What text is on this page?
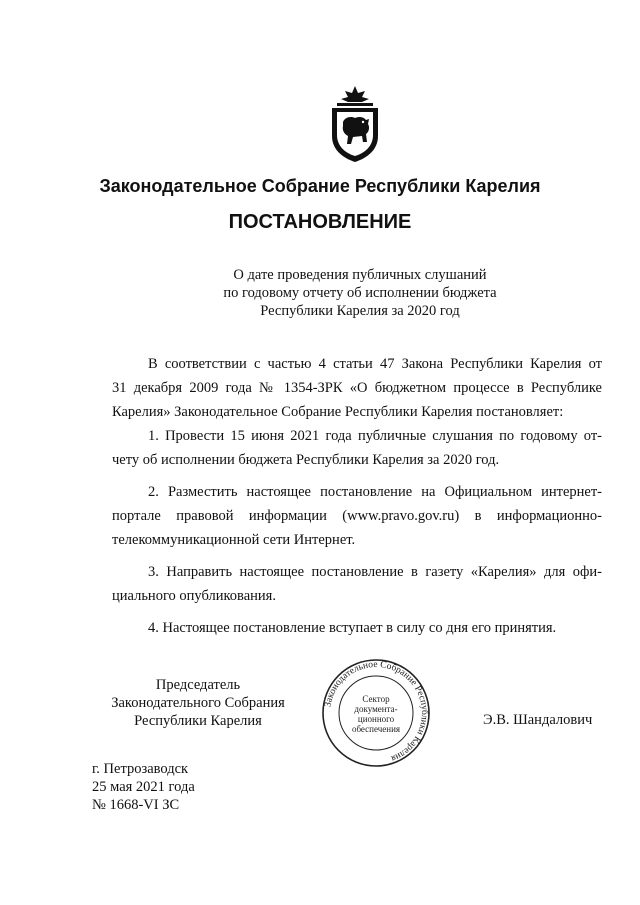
Законодательное Собрание Республики Карелия
ПОСТАНОВЛЕНИЕ
О дате проведения публичных слушаний
по годовому отчету об исполнении бюджета
Республики Карелия за 2020 год
В соответствии с частью 4 статьи 47 Закона Республики Карелия от
31 декабря 2009 года № 1354-ЗРК «О бюджетном процессе в Республике
Карелия» Законодательное Собрание Республики Карелия постановляет:
1. Провести 15 июня 2021 года публичные слушания по годовому от-
чету об исполнении бюджета Республики Карелия за 2020 год.
2. Разместить настоящее постановление на Официальном интернет-
портале правовой информации (www.pravo.gov.ru) в информационно-
телекоммуникационной сети Интернет.
3. Направить настоящее постановление в газету «Карелия» для офи-
циального опубликования.
4. Настоящее постановление вступает в силу со дня его принятия.
Председатель
Законодательного Собрания
Республики Карелия
Законодательное Собрание Республики Карелия
Сектор
документа-
ционного
обеспечения
Э.В. Шандалович
г. Петрозаводск
25 мая 2021 года
№ 1668-VI ЗС
